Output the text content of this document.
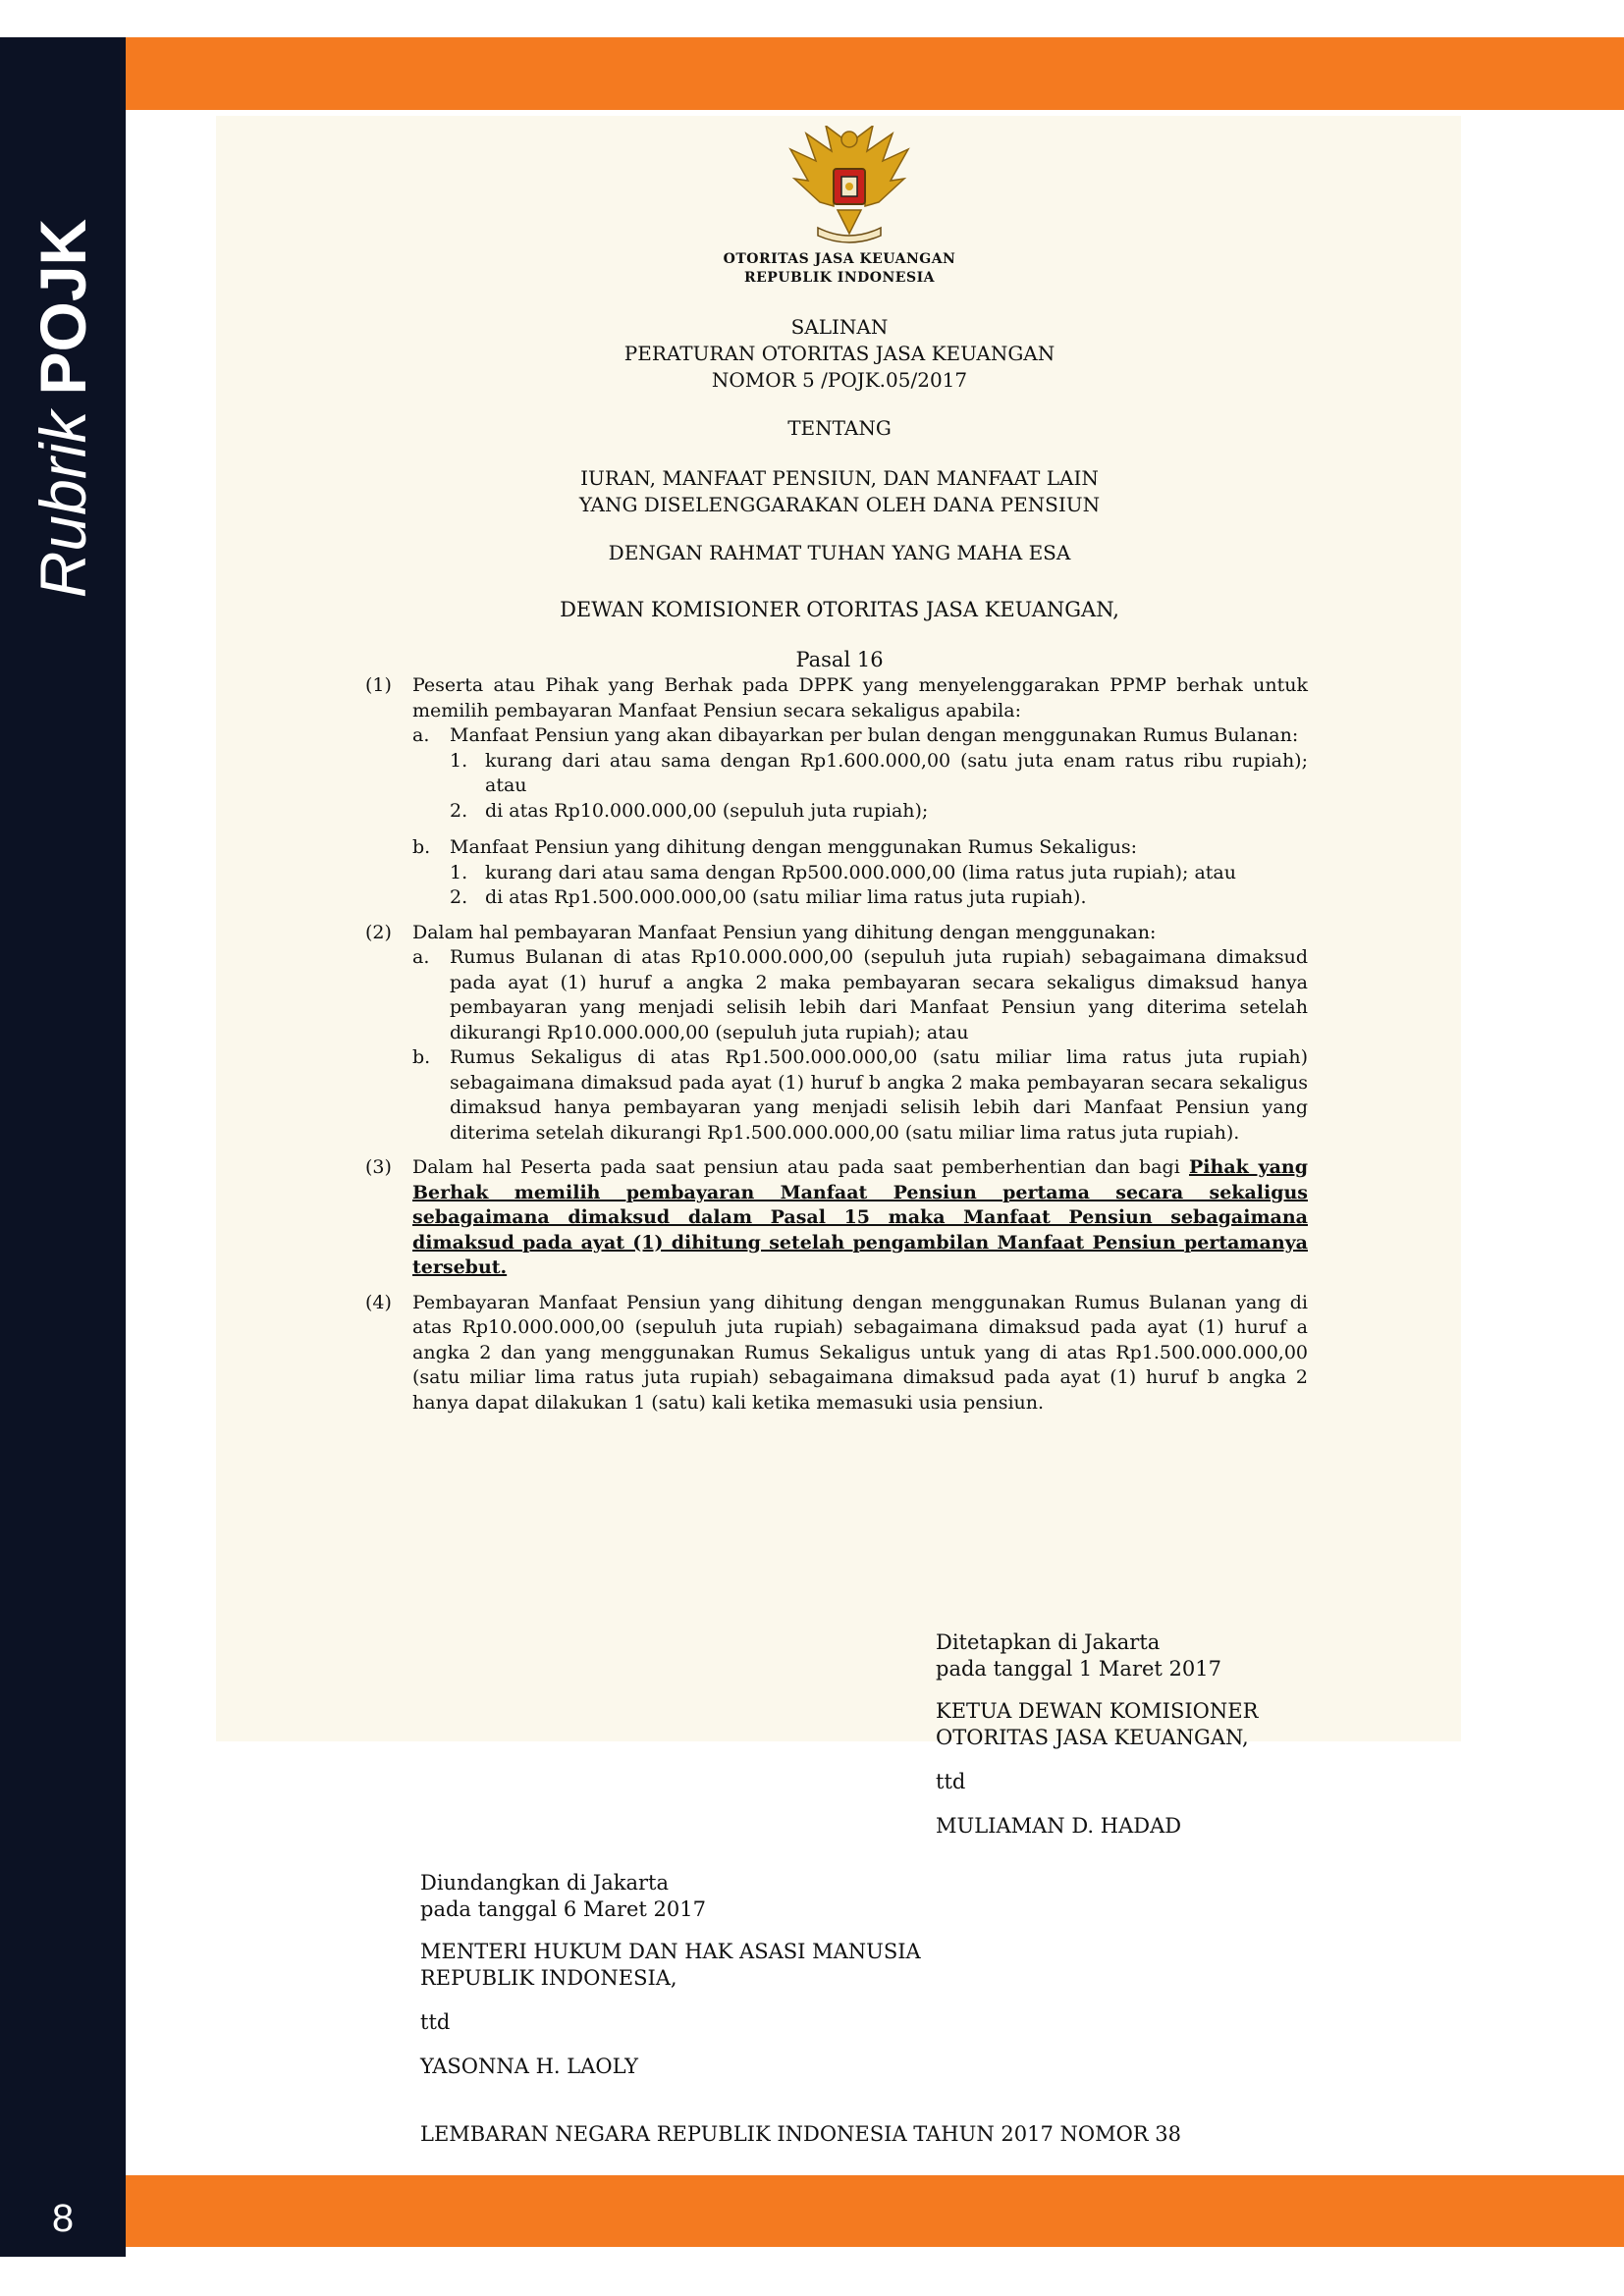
RubrikPOJK
8
OTORITAS JASA KEUANGAN
REPUBLIK INDONESIA
SALINAN
PERATURAN OTORITAS JASA KEUANGAN
NOMOR 5 /POJK.05/2017
TENTANG
IURAN, MANFAAT PENSIUN, DAN MANFAAT LAIN
YANG DISELENGGARAKAN OLEH DANA PENSIUN
DENGAN RAHMAT TUHAN YANG MAHA ESA
DEWAN KOMISIONER OTORITAS JASA KEUANGAN,
Pasal 16
(1)	Peserta atau Pihak yang Berhak pada DPPK yang menyelenggarakan PPMP berhak untuk memilih pembayaran Manfaat Pensiun secara sekaligus apabila:
a.	Manfaat Pensiun yang akan dibayarkan per bulan dengan menggunakan Rumus Bulanan:
1. kurang dari atau sama dengan Rp1.600.000,00 (satu juta enam ratus ribu rupiah); atau
2. di atas Rp10.000.000,00 (sepuluh juta rupiah);
b.	Manfaat Pensiun yang dihitung dengan menggunakan Rumus Sekaligus:
1. kurang dari atau sama dengan Rp500.000.000,00 (lima ratus juta rupiah); atau
2. di atas Rp1.500.000.000,00 (satu miliar lima ratus juta rupiah).
(2)	Dalam hal pembayaran Manfaat Pensiun yang dihitung dengan menggunakan:
a.	Rumus Bulanan di atas Rp10.000.000,00 (sepuluh juta rupiah) sebagaimana dimaksud pada ayat (1) huruf a angka 2 maka pembayaran secara sekaligus dimaksud hanya pembayaran yang menjadi selisih lebih dari Manfaat Pensiun yang diterima setelah dikurangi Rp10.000.000,00 (sepuluh juta rupiah); atau
b.	Rumus Sekaligus di atas Rp1.500.000.000,00 (satu miliar lima ratus juta rupiah) sebagaimana dimaksud pada ayat (1) huruf b angka 2 maka pembayaran secara sekaligus dimaksud hanya pembayaran yang menjadi selisih lebih dari Manfaat Pensiun yang diterima setelah dikurangi Rp1.500.000.000,00 (satu miliar lima ratus juta rupiah).
(3)	Dalam hal Peserta pada saat pensiun atau pada saat pemberhentian dan bagi Pihak yang Berhak memilih pembayaran Manfaat Pensiun pertama secara sekaligus sebagaimana dimaksud dalam Pasal 15 maka Manfaat Pensiun sebagaimana dimaksud pada ayat (1) dihitung setelah pengambilan Manfaat Pensiun pertamanya tersebut.
(4)	Pembayaran Manfaat Pensiun yang dihitung dengan menggunakan Rumus Bulanan yang di atas Rp10.000.000,00 (sepuluh juta rupiah) sebagaimana dimaksud pada ayat (1) huruf a angka 2 dan yang menggunakan Rumus Sekaligus untuk yang di atas Rp1.500.000.000,00 (satu miliar lima ratus juta rupiah) sebagaimana dimaksud pada ayat (1) huruf b angka 2 hanya dapat dilakukan 1 (satu) kali ketika memasuki usia pensiun.

Ditetapkan di Jakarta

pada tanggal 1 Maret 2017

KETUA DEWAN KOMISIONER

OTORITAS JASA KEUANGAN,

ttd

MULIAMAN D. HADAD

Diundangkan di Jakarta

pada tanggal 6 Maret 2017

MENTERI HUKUM DAN HAK ASASI MANUSIA

REPUBLIK INDONESIA,

ttd

YASONNA H. LAOLY

LEMBARAN NEGARA REPUBLIK INDONESIA TAHUN 2017 NOMOR 38
